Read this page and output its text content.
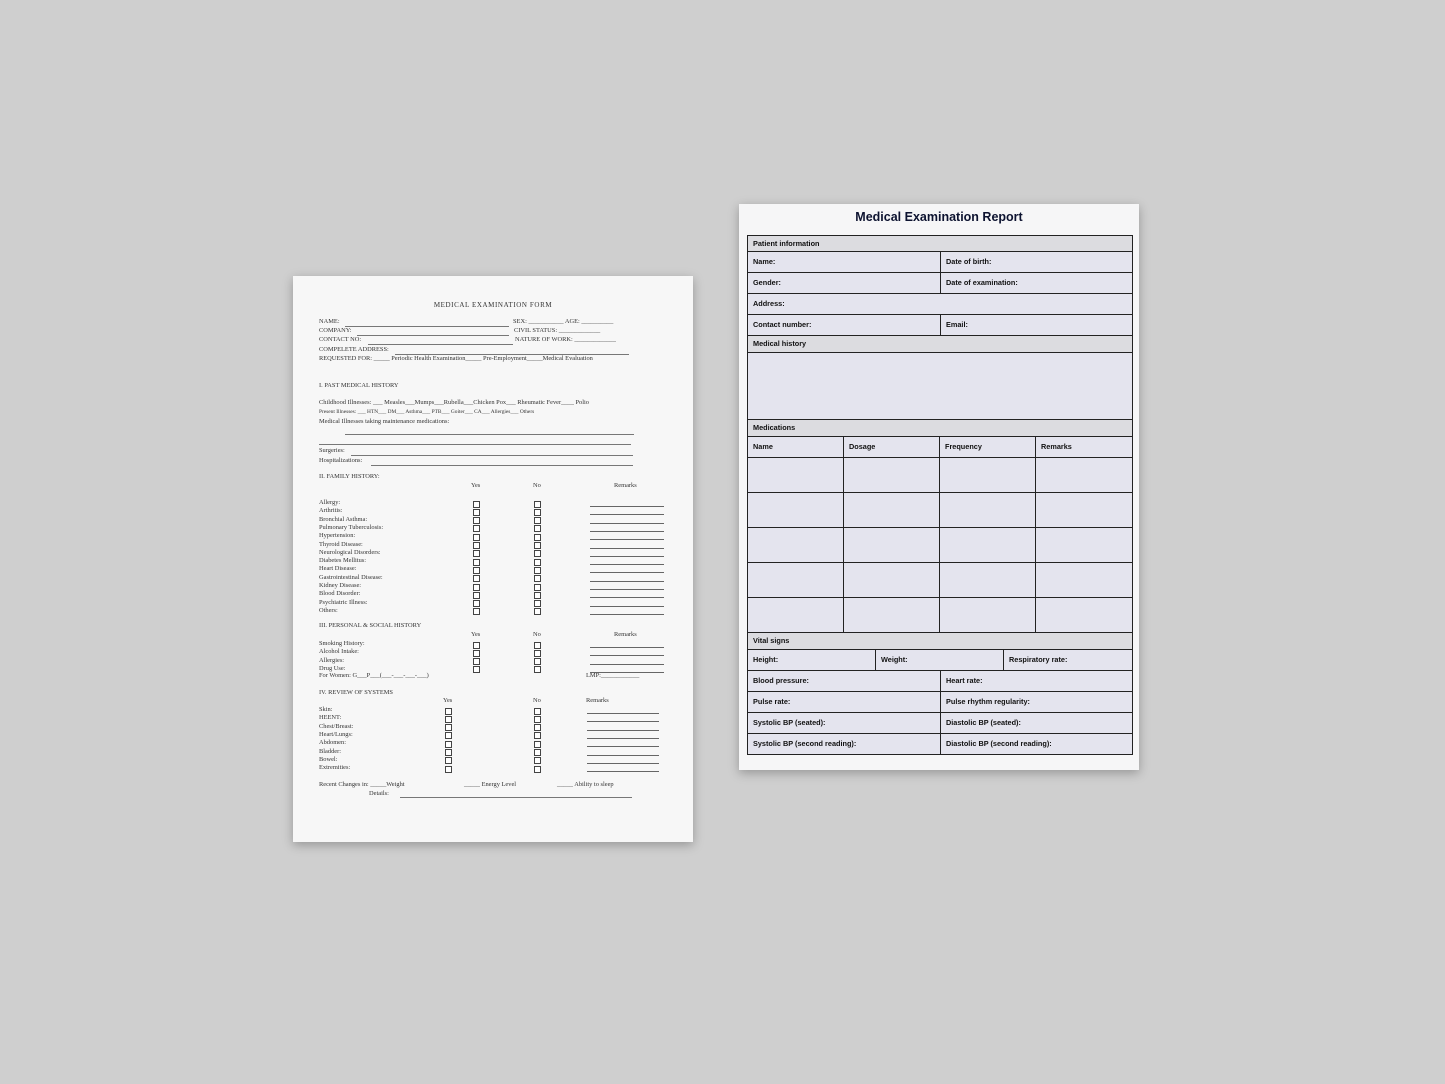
MEDICAL EXAMINATION FORM
NAME:	SEX: ___________ AGE: __________
COMPANY:	CIVIL STATUS: _____________
CONTACT NO:	NATURE OF WORK: _____________
COMPELETE ADDRESS:
REQUESTED FOR: _____ Periodic Health Examination_____ Pre-Employment_____Medical Evaluation
I. PAST MEDICAL HISTORY
Childhood Illnesses: ___ Measles___Mumps___Rubella___Chicken Pox___ Rheumatic Fever____ Polio
Present Illnesses: ___ HTN___ DM___ Asthma___ PTB___ Goiter___ CA___ Allergies___ Others
Medical Illnesses taking maintenance medications:
Surgeries:
Hospitalizations:
II. FAMILY HISTORY:
Yes	No	Remarks
Allergy:
Arthritis:
Bronchial Asthma:
Pulmonary Tuberculosis:
Hypertension:
Thyroid Disease:
Neurological Disorders:
Diabetes Mellitus:
Heart Disease:
Gastrointestinal Disease:
Kidney Disease:
Blood Disorder:
Psychiatric Illness:
Others:
III. PERSONAL & SOCIAL HISTORY
Yes	No	Remarks
Smoking History:
Alcohol Intake:
Allergies:
Drug Use:
For Women: G___P___(___-___-___-___)	LMP:____________
IV. REVIEW OF SYSTEMS
Yes	No	Remarks
Skin:
HEENT:
Chest/Breast:
Heart/Lungs:
Abdomen:
Bladder:
Bowel:
Extremities:
Recent Changes in: _____Weight	_____ Energy Level	_____ Ability to sleep
Details:
Medical Examination Report
Patient information
Name:	Date of birth:
Gender:	Date of examination:
Address:
Contact number:	Email:
Medical history
Medications
Name	Dosage	Frequency	Remarks
Vital signs
Height:	Weight:	Respiratory rate:
Blood pressure:	Heart rate:
Pulse rate:	Pulse rhythm regularity:
Systolic BP (seated):	Diastolic BP (seated):
Systolic BP (second reading):	Diastolic BP (second reading):
